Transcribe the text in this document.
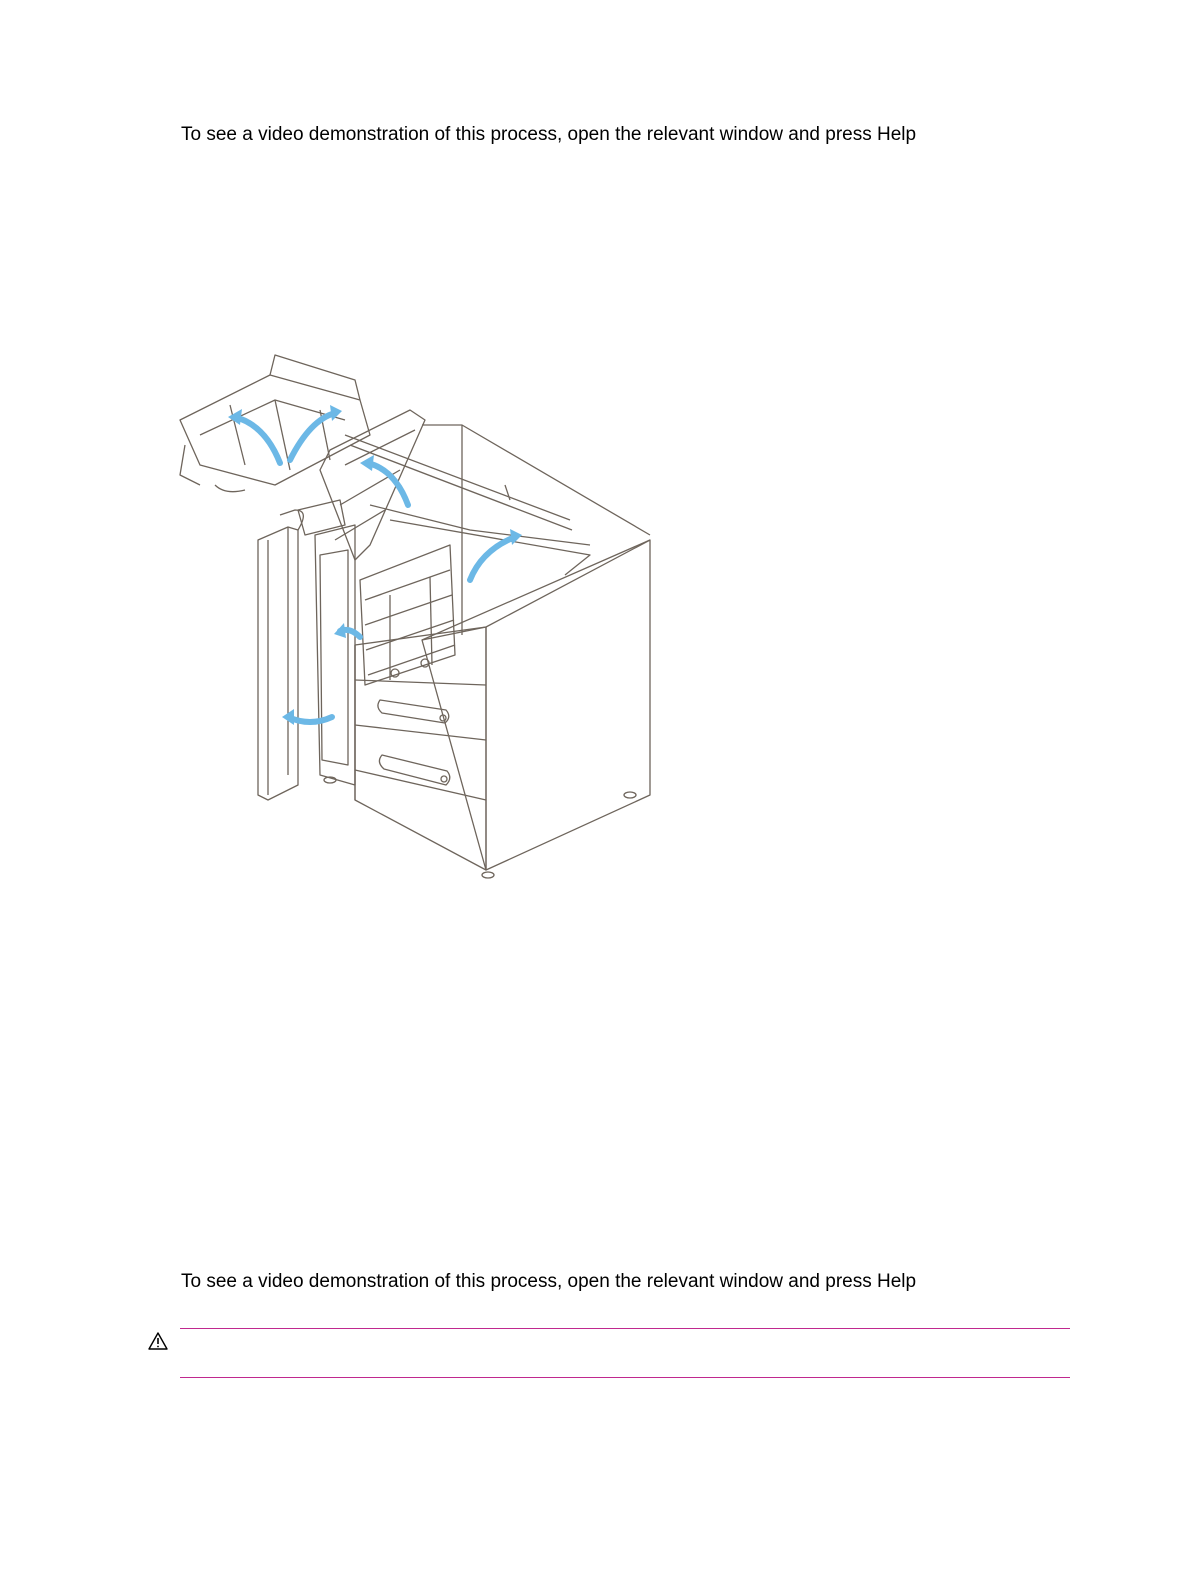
To see a video demonstration of this process, open the relevant window and press Help
To see a video demonstration of this process, open the relevant window and press Help
